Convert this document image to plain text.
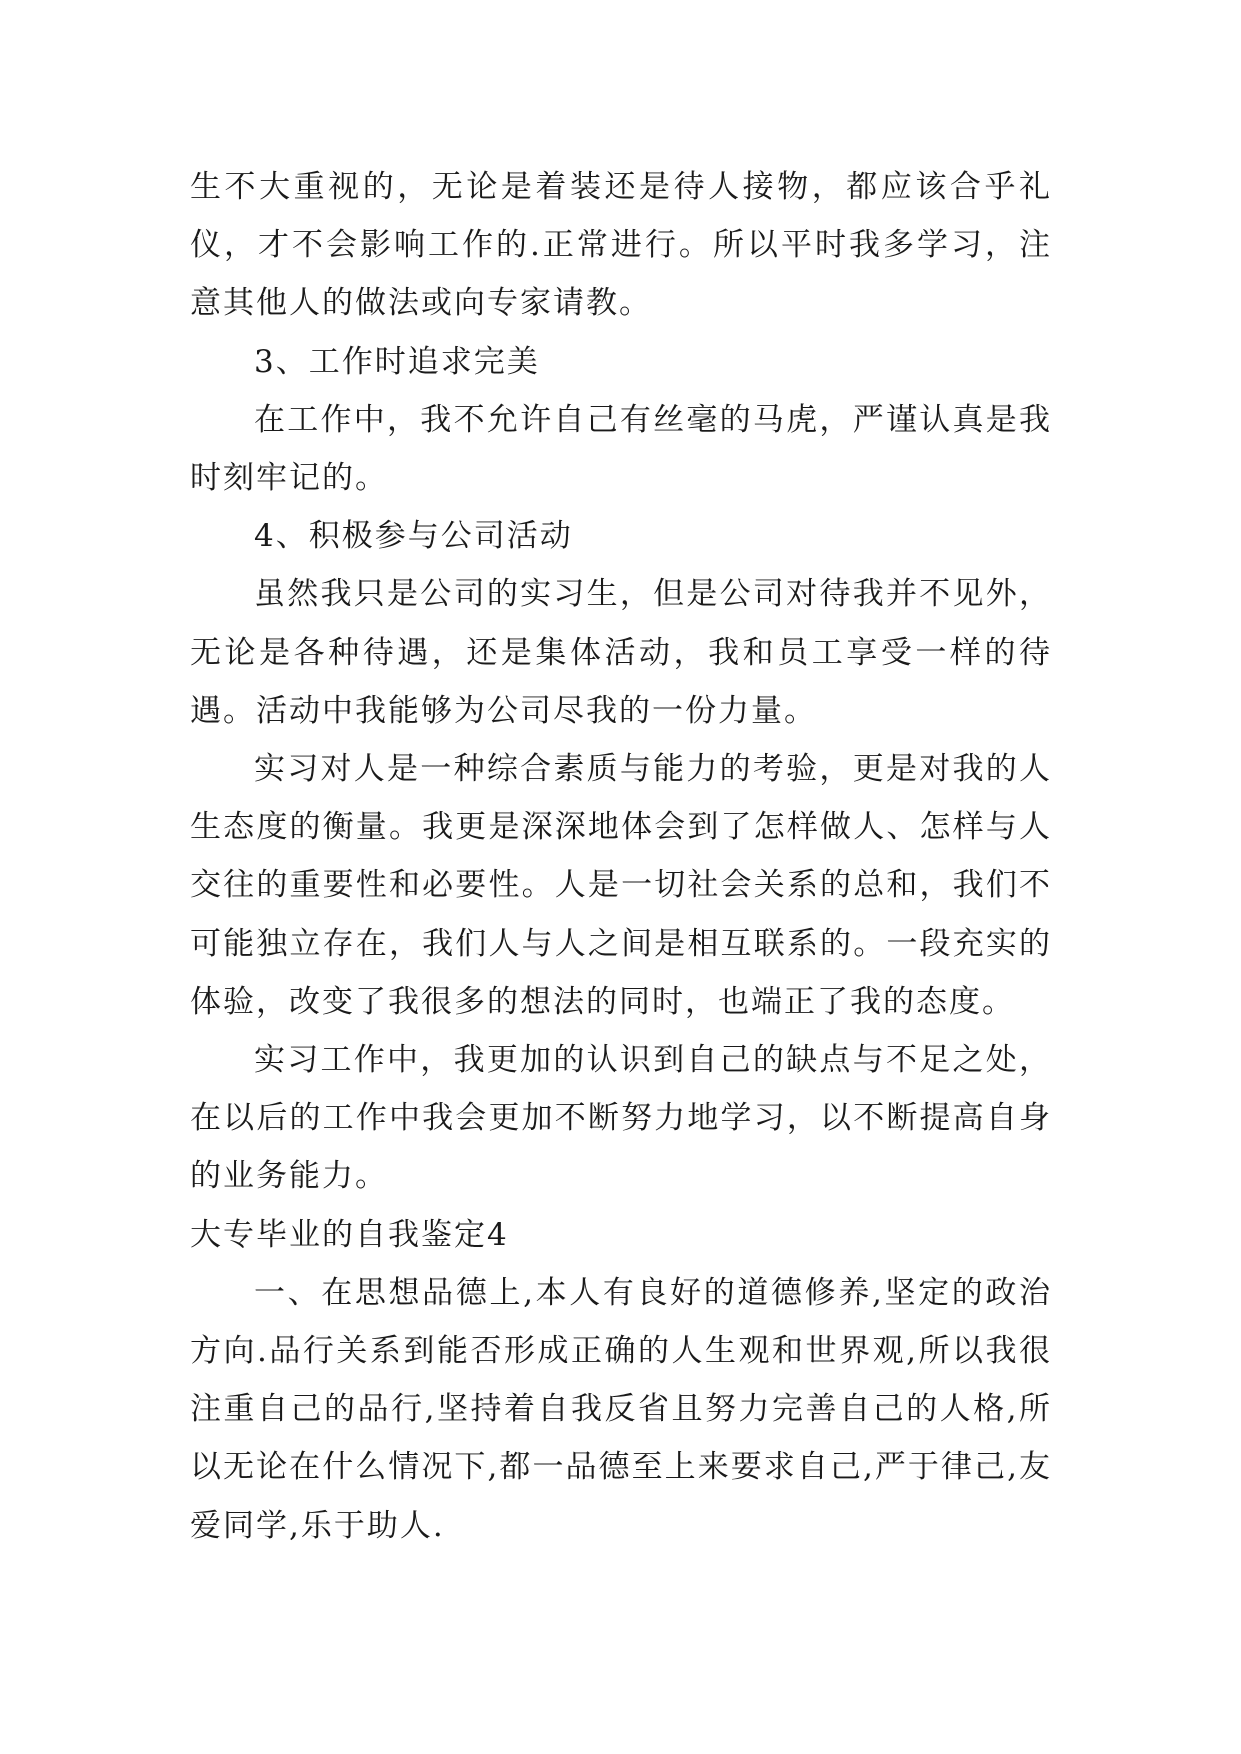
生不大重视的，无论是着装还是待人接物，都应该合乎礼仪，才不会影响工作的.正常进行。所以平时我多学习，注意其他人的做法或向专家请教。

3、工作时追求完美

在工作中，我不允许自己有丝毫的马虎，严谨认真是我时刻牢记的。

4、积极参与公司活动

虽然我只是公司的实习生，但是公司对待我并不见外，无论是各种待遇，还是集体活动，我和员工享受一样的待遇。活动中我能够为公司尽我的一份力量。

实习对人是一种综合素质与能力的考验，更是对我的人生态度的衡量。我更是深深地体会到了怎样做人、怎样与人交往的重要性和必要性。人是一切社会关系的总和，我们不可能独立存在，我们人与人之间是相互联系的。一段充实的体验，改变了我很多的想法的同时，也端正了我的态度。

实习工作中，我更加的认识到自己的缺点与不足之处，在以后的工作中我会更加不断努力地学习，以不断提高自身的业务能力。

大专毕业的自我鉴定4

一、在思想品德上,本人有良好的道德修养,坚定的政治方向.品行关系到能否形成正确的人生观和世界观,所以我很注重自己的品行,坚持着自我反省且努力完善自己的人格,所以无论在什么情况下,都一品德至上来要求自己,严于律己,友爱同学,乐于助人.
